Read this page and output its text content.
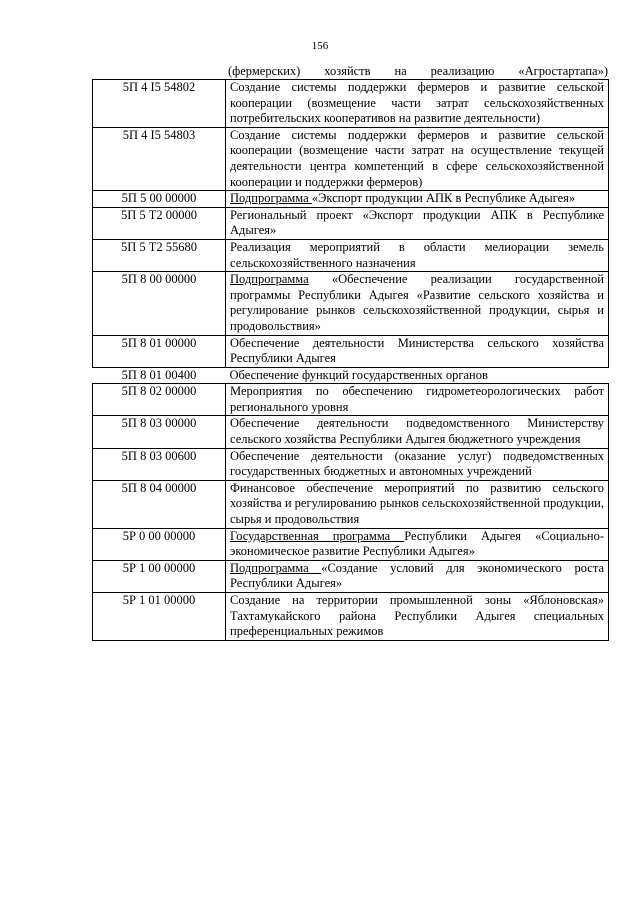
156
(фермерских) хозяйств на реализацию «Агростартапа»)
5П 4 I5 54802	Создание системы поддержки фермеров и развитие сельской кооперации (возмещение части затрат сельскохозяйственных потребительских кооперативов на развитие деятельности)
5П 4 I5 54803	Создание системы поддержки фермеров и развитие сельской кооперации (возмещение части затрат на осуществление текущей деятельности центра компетенций в сфере сельскохозяйственной кооперации и поддержки фермеров)
5П 5 00 00000	Подпрограмма «Экспорт продукции АПК в Республике Адыгея»
5П 5 T2 00000	Региональный проект «Экспорт продукции АПК в Республике Адыгея»
5П 5 T2 55680	Реализация мероприятий в области мелиорации земель сельскохозяйственного назначения
5П 8 00 00000	Подпрограмма «Обеспечение реализации государственной программы Республики Адыгея «Развитие сельского хозяйства и регулирование рынков сельскохозяйственной продукции, сырья и продовольствия»
5П 8 01 00000	Обеспечение деятельности Министерства сельского хозяйства Республики Адыгея
5П 8 01 00400	Обеспечение функций государственных органов
5П 8 02 00000	Мероприятия по обеспечению гидрометеорологических работ регионального уровня
5П 8 03 00000	Обеспечение деятельности подведомственного Министерству сельского хозяйства Республики Адыгея бюджетного учреждения
5П 8 03 00600	Обеспечение деятельности (оказание услуг) подведомственных государственных бюджетных и автономных учреждений
5П 8 04 00000	Финансовое обеспечение мероприятий по развитию сельского хозяйства и регулированию рынков сельскохозяйственной продукции, сырья и продовольствия
5Р 0 00 00000	Государственная программа Республики Адыгея «Социально-экономическое развитие Республики Адыгея»
5Р 1 00 00000	Подпрограмма «Создание условий для экономического роста Республики Адыгея»
5Р 1 01 00000	Создание на территории промышленной зоны «Яблоновская» Тахтамукайского района Республики Адыгея специальных преференциальных режимов
